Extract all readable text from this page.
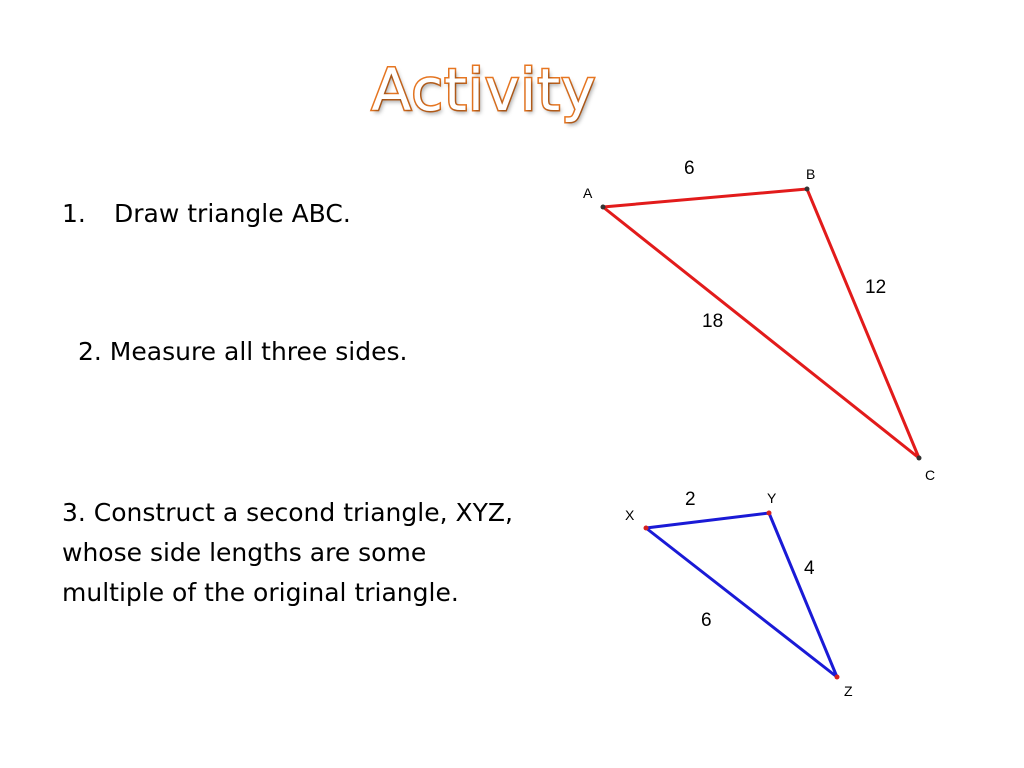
Activity
1. Draw triangle ABC.
2. Measure all three sides.
3. Construct a second triangle, XYZ,
whose side lengths are some
multiple of the original triangle.
A
B
C
6
12
18
X
Y
Z
2
4
6
